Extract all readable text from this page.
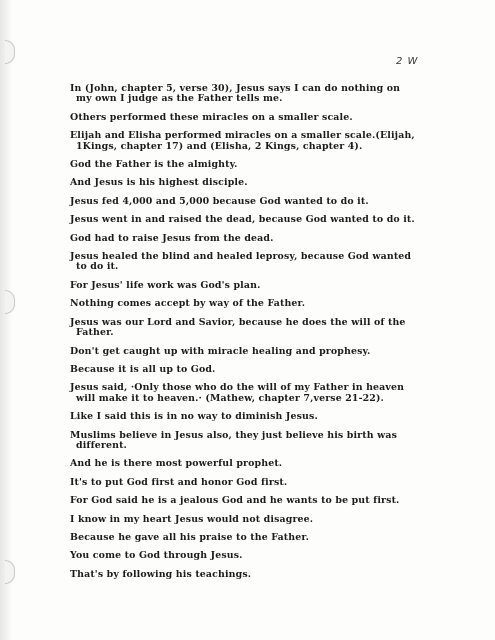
2 W

In (John, chapter 5, verse 30), Jesus says I can do nothing on my own I judge as the Father tells me.

Others performed these miracles on a smaller scale.

Elijah and Elisha performed miracles on a smaller scale.(Elijah, 1Kings, chapter 17) and (Elisha, 2 Kings, chapter 4).

God the Father is the almighty.

And Jesus is his highest disciple.

Jesus fed 4,000 and 5,000 because God wanted to do it.

Jesus went in and raised the dead, because God wanted to do it.

God had to raise Jesus from the dead.

Jesus healed the blind and healed leprosy, because God wanted to do it.

For Jesus' life work was God's plan.

Nothing comes accept by way of the Father.

Jesus was our Lord and Savior, because he does the will of the Father.

Don't get caught up with miracle healing and prophesy.

Because it is all up to God.

Jesus said, ·Only those who do the will of my Father in heaven will make it to heaven.· (Mathew, chapter 7,verse 21-22).

Like I said this is in no way to diminish Jesus.

Muslims believe in Jesus also, they just believe his birth was different.

And he is there most powerful prophet.

It's to put God first and honor God first.

For God said he is a jealous God and he wants to be put first.

I know in my heart Jesus would not disagree.

Because he gave all his praise to the Father.

You come to God through Jesus.

That's by following his teachings.
